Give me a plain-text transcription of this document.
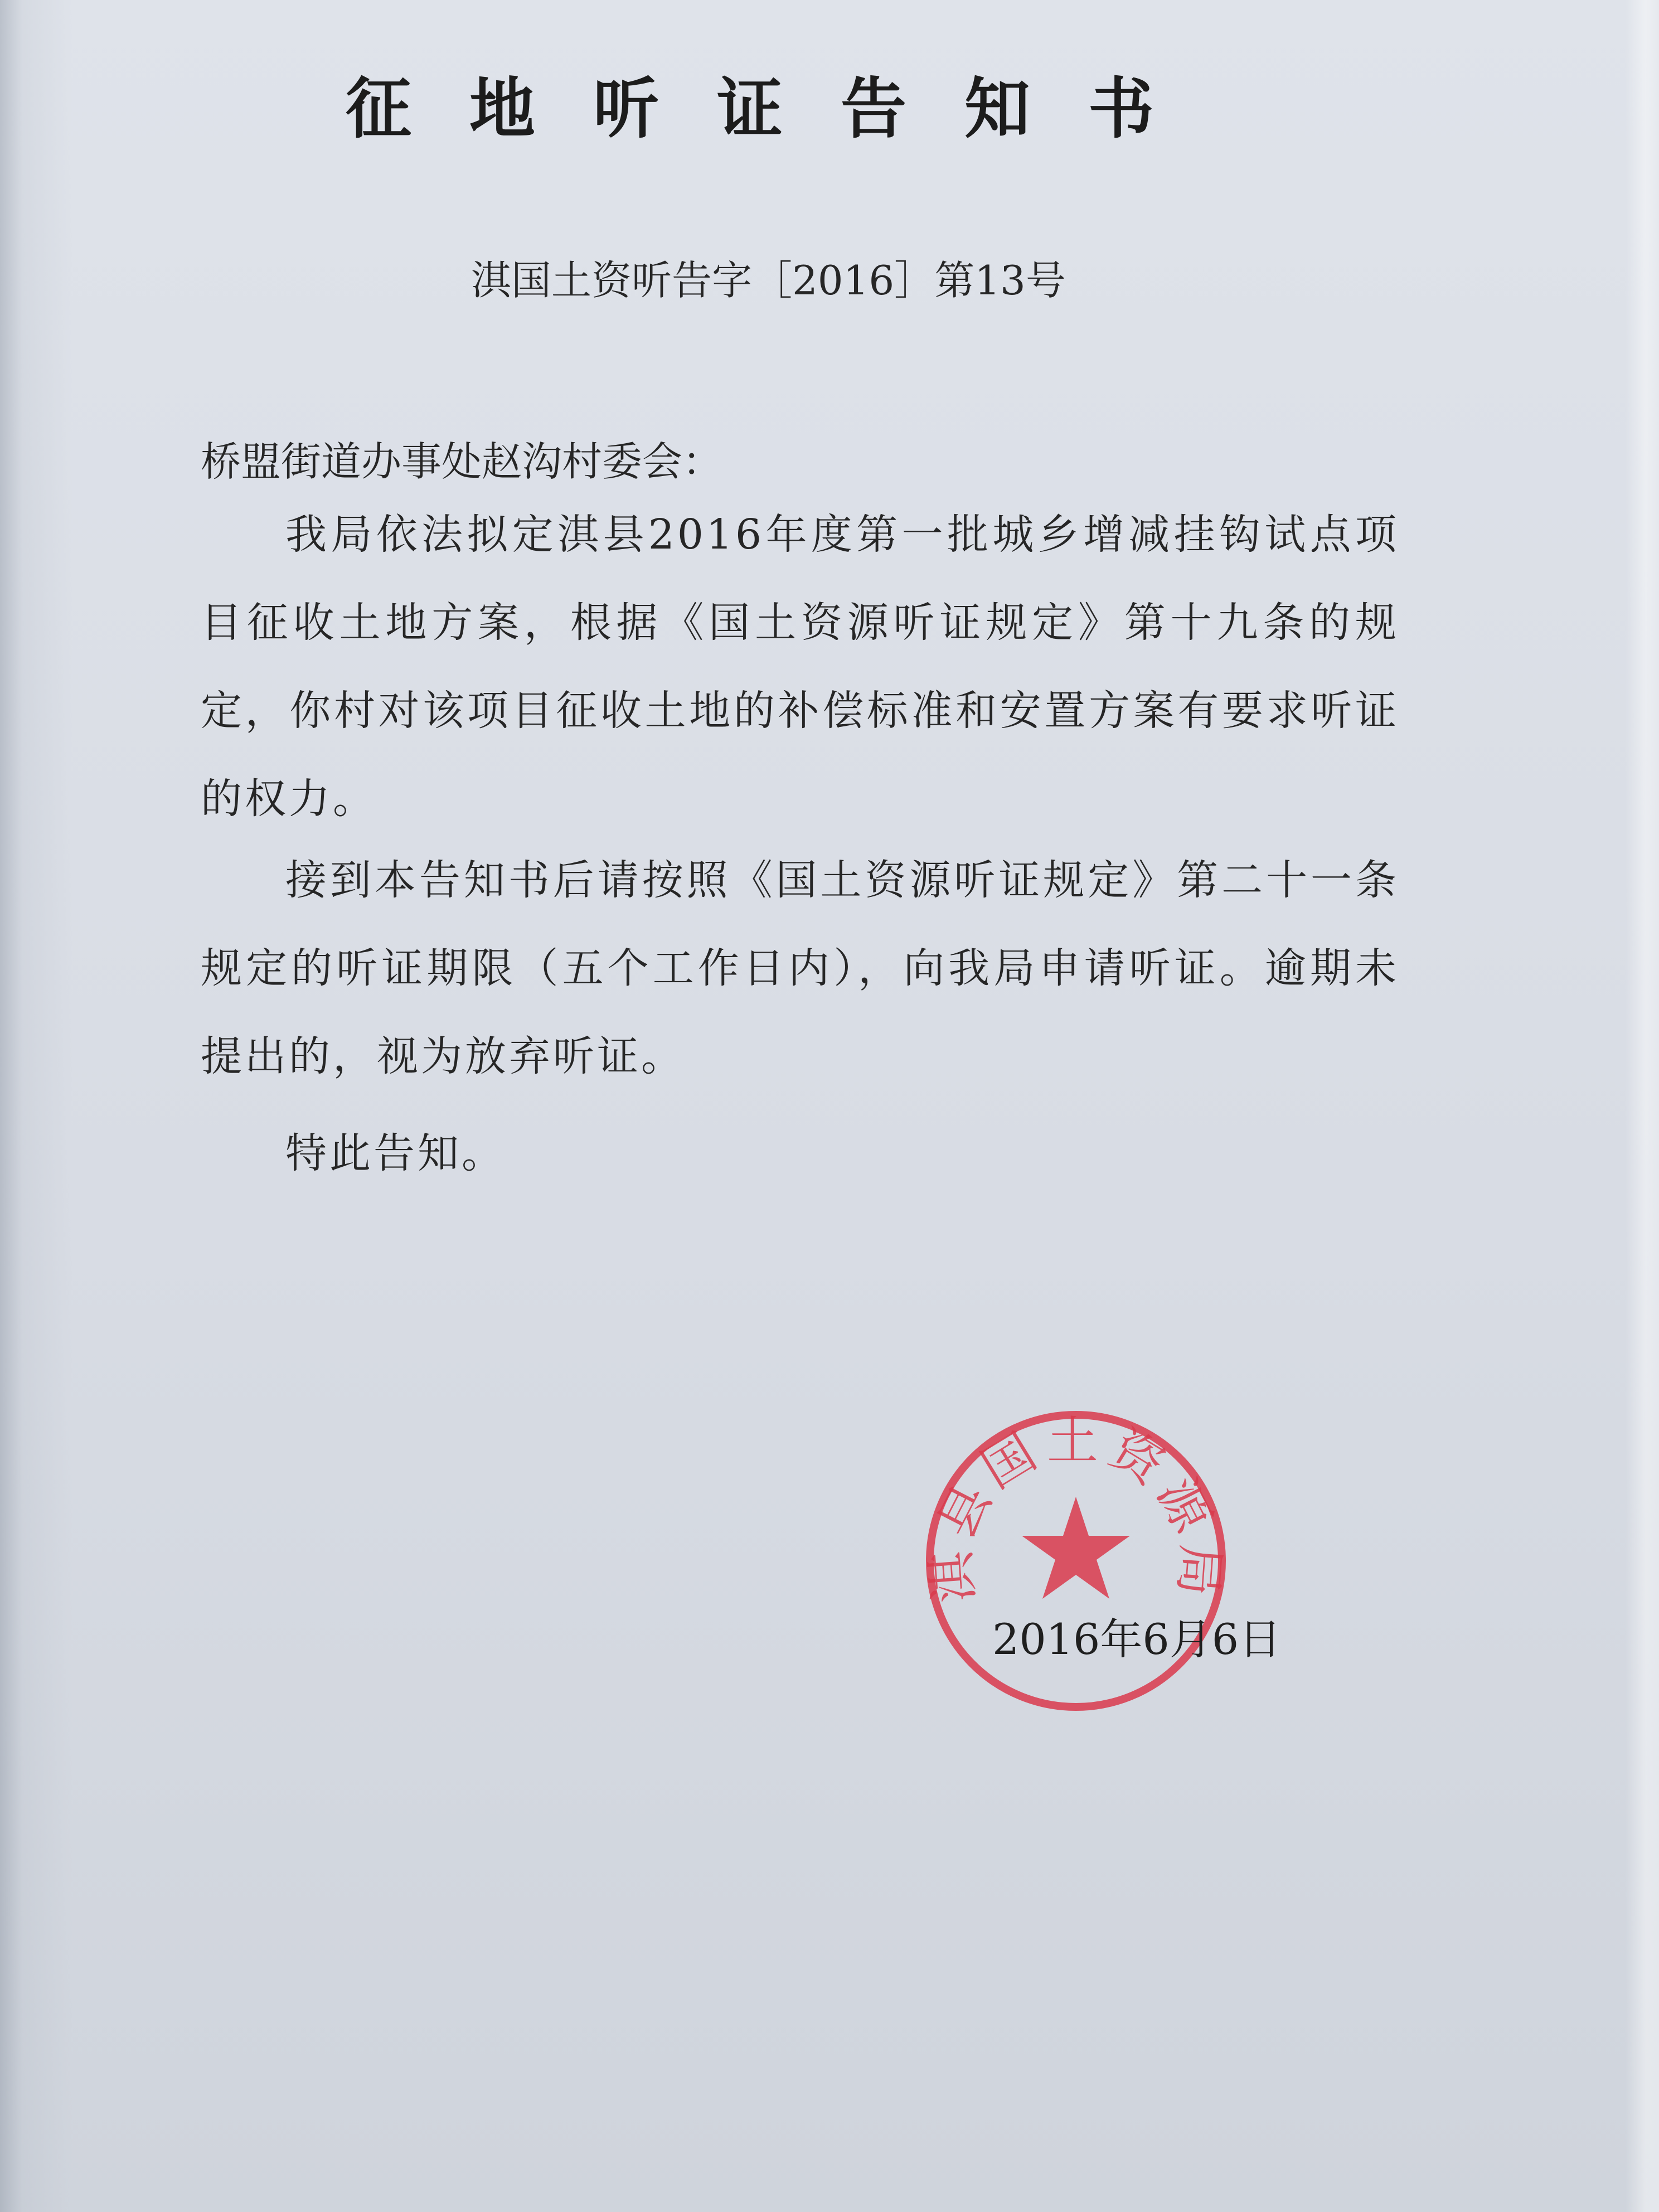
征地听证告知书
淇国土资听告字［2016］第13号
桥盟街道办事处赵沟村委会：
我局依法拟定淇县2016年度第一批城乡增减挂钩试点项目征收土地方案，根据《国土资源听证规定》第十九条的规定，你村对该项目征收土地的补偿标准和安置方案有要求听证的权力。
接到本告知书后请按照《国土资源听证规定》第二十一条规定的听证期限（五个工作日内），向我局申请听证。逾期未提出的，视为放弃听证。
特此告知。
淇县国土资源局
2016年6月6日
